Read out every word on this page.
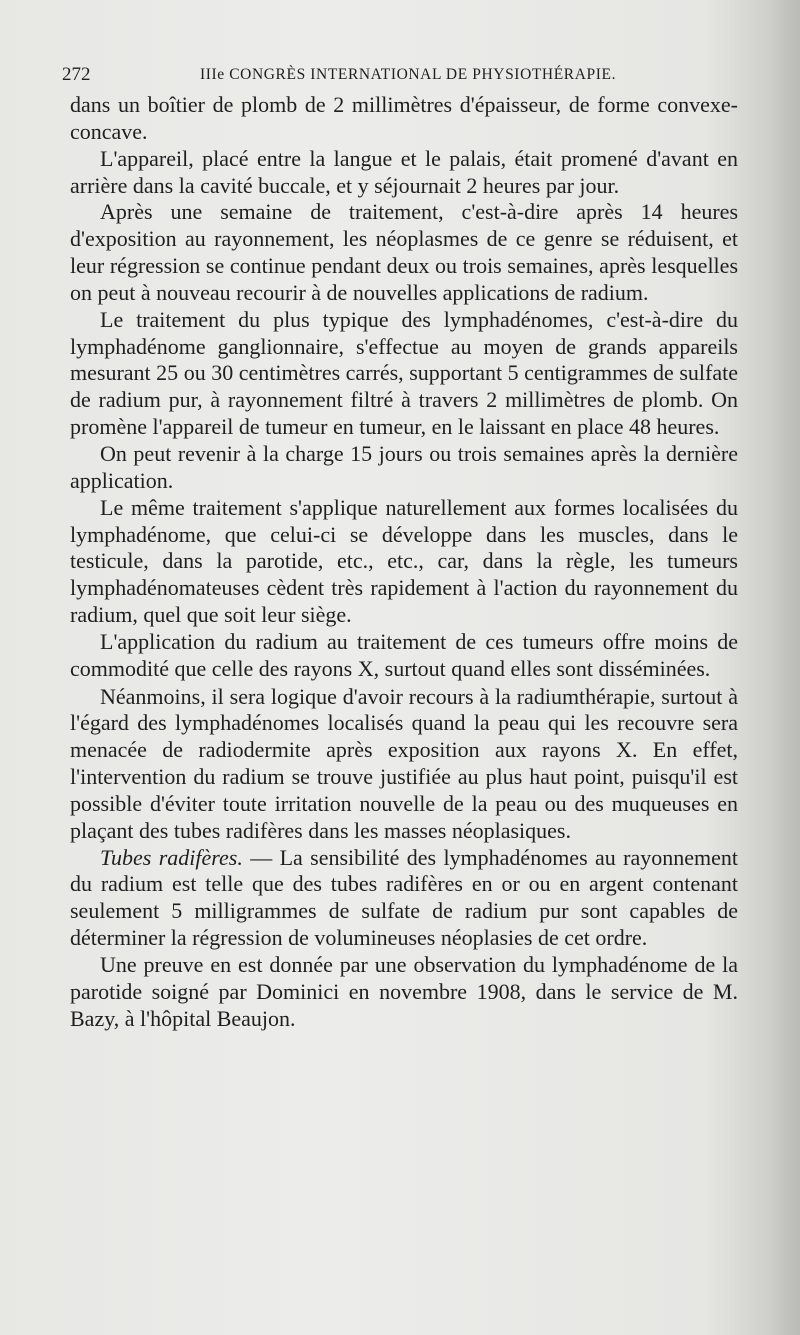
272	IIIe CONGRÈS INTERNATIONAL DE PHYSIOTHÉRAPIE.

dans un boîtier de plomb de 2 millimètres d'épaisseur, de forme convexe-concave.

L'appareil, placé entre la langue et le palais, était promené d'avant en arrière dans la cavité buccale, et y séjournait 2 heures par jour.

Après une semaine de traitement, c'est-à-dire après 14 heures d'exposition au rayonnement, les néoplasmes de ce genre se réduisent, et leur régression se continue pendant deux ou trois semaines, après lesquelles on peut à nouveau recourir à de nouvelles applications de radium.

Le traitement du plus typique des lymphadénomes, c'est-à-dire du lymphadénome ganglionnaire, s'effectue au moyen de grands appareils mesurant 25 ou 30 centimètres carrés, supportant 5 centigrammes de sulfate de radium pur, à rayonnement filtré à travers 2 millimètres de plomb. On promène l'appareil de tumeur en tumeur, en le laissant en place 48 heures.

On peut revenir à la charge 15 jours ou trois semaines après la dernière application.

Le même traitement s'applique naturellement aux formes localisées du lymphadénome, que celui-ci se développe dans les muscles, dans le testicule, dans la parotide, etc., etc., car, dans la règle, les tumeurs lymphadénomateuses cèdent très rapidement à l'action du rayonnement du radium, quel que soit leur siège.

L'application du radium au traitement de ces tumeurs offre moins de commodité que celle des rayons X, surtout quand elles sont disséminées.

Néanmoins, il sera logique d'avoir recours à la radiumthérapie, surtout à l'égard des lymphadénomes localisés quand la peau qui les recouvre sera menacée de radiodermite après exposition aux rayons X. En effet, l'intervention du radium se trouve justifiée au plus haut point, puisqu'il est possible d'éviter toute irritation nouvelle de la peau ou des muqueuses en plaçant des tubes radifères dans les masses néoplasiques.

Tubes radifères. — La sensibilité des lymphadénomes au rayonnement du radium est telle que des tubes radifères en or ou en argent contenant seulement 5 milligrammes de sulfate de radium pur sont capables de déterminer la régression de volumineuses néoplasies de cet ordre.

Une preuve en est donnée par une observation du lymphadénome de la parotide soigné par Dominici en novembre 1908, dans le service de M. Bazy, à l'hôpital Beaujon.
